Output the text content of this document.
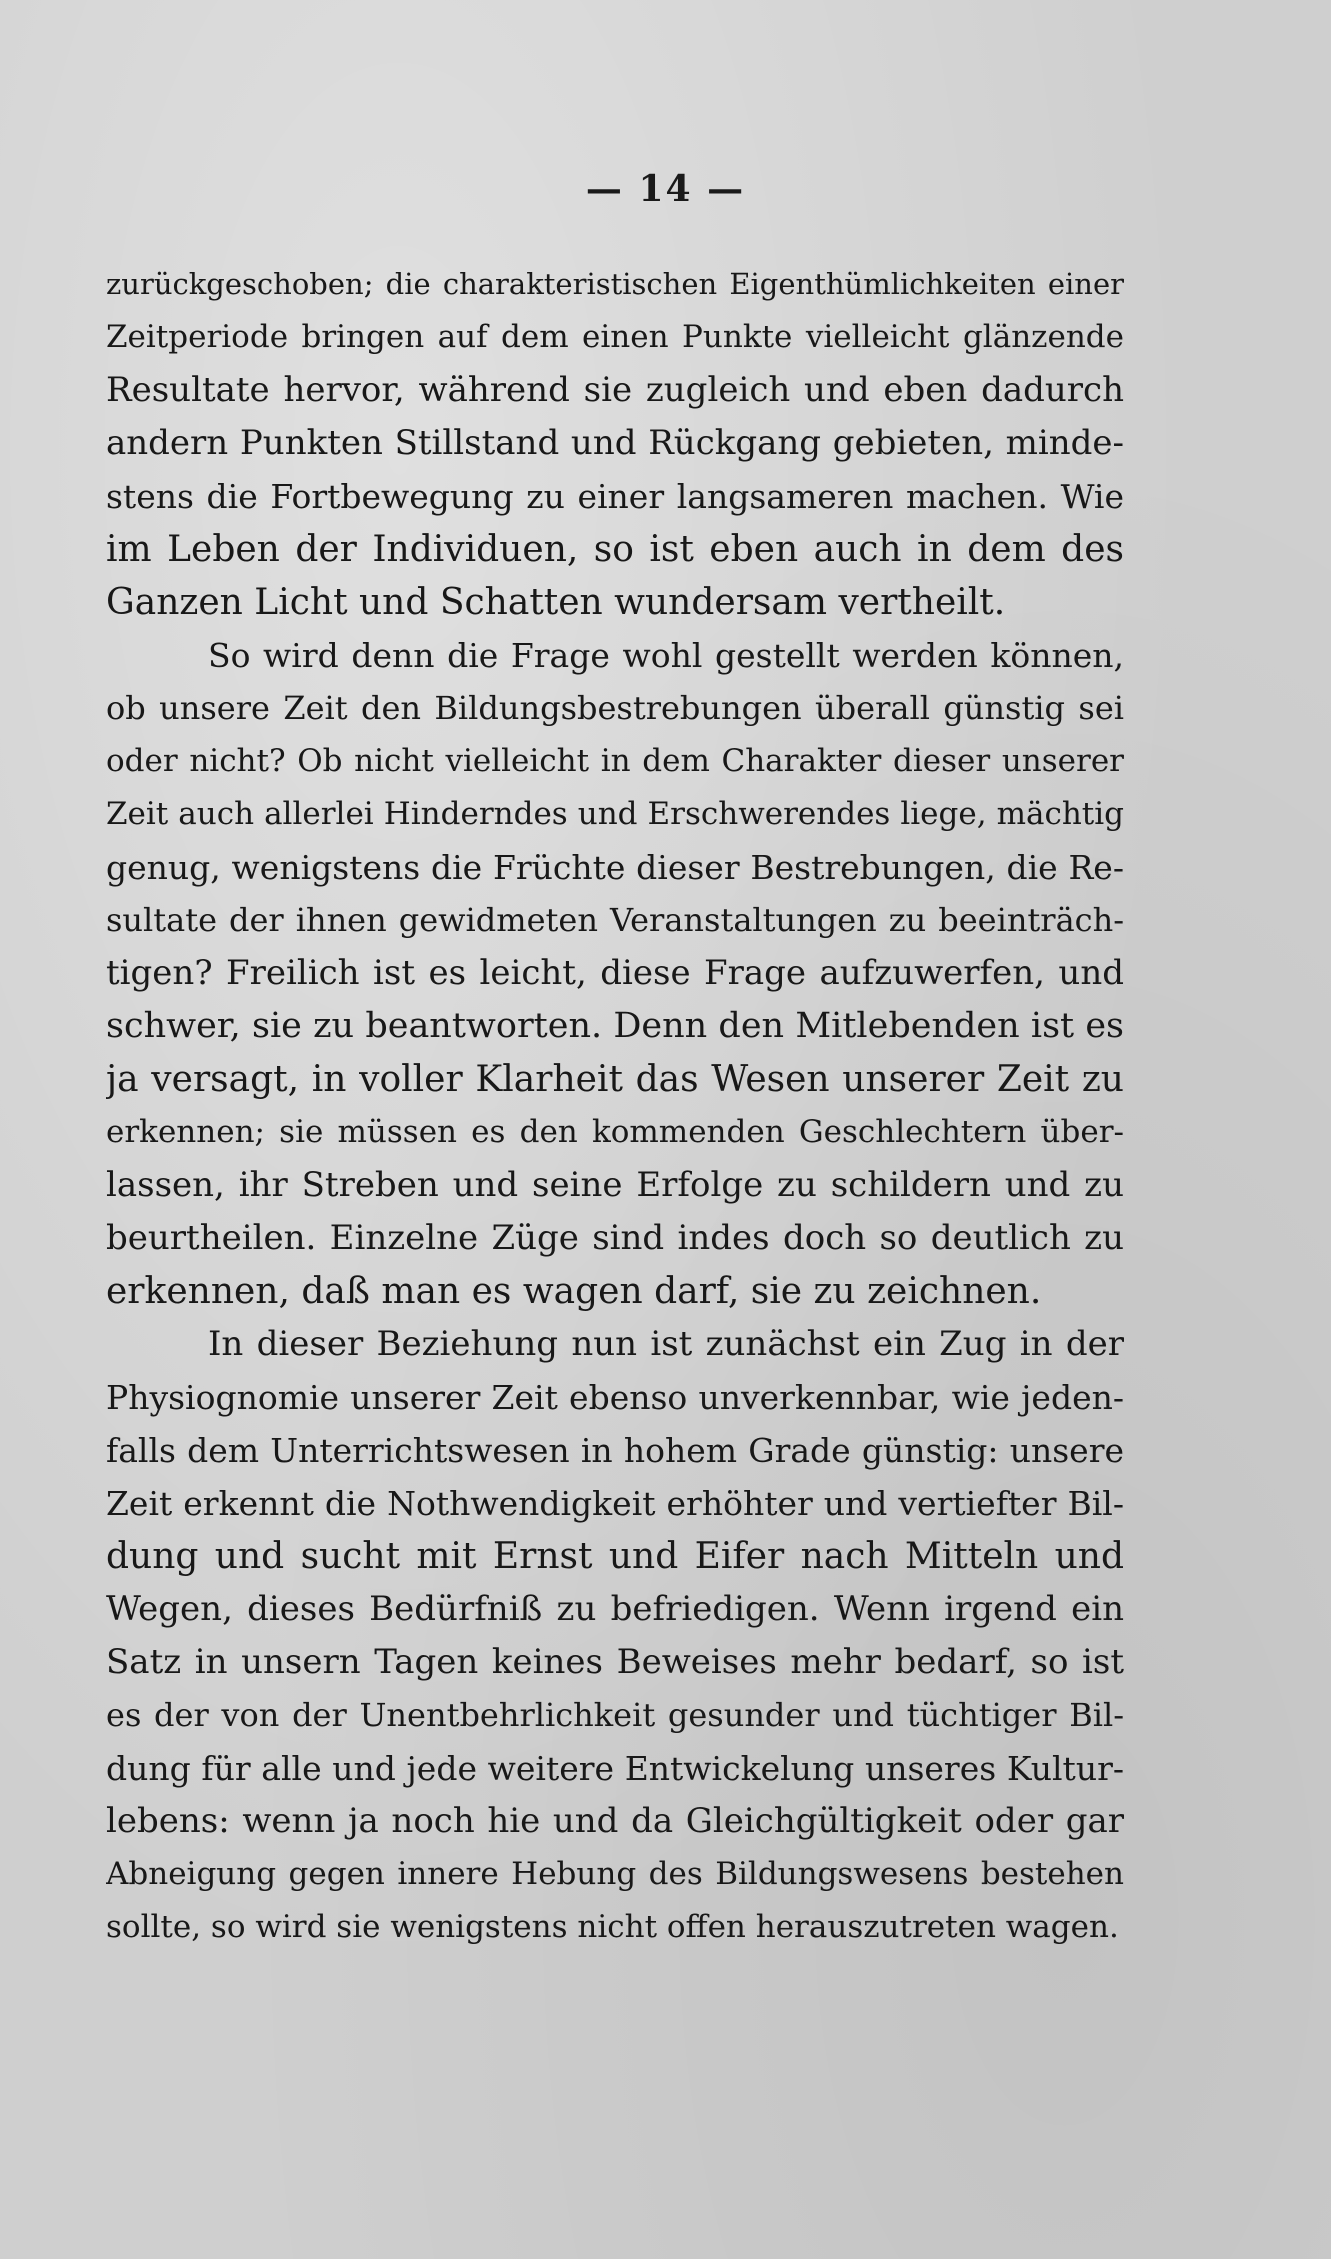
— 14 —
zurückgeschoben; die charakteristischen Eigenthümlichkeiten einer
Zeitperiode bringen auf dem einen Punkte vielleicht glänzende
Resultate hervor, während sie zugleich und eben dadurch
andern Punkten Stillstand und Rückgang gebieten, minde-
stens die Fortbewegung zu einer langsameren machen. Wie
im Leben der Individuen, so ist eben auch in dem des
Ganzen Licht und Schatten wundersam vertheilt.
So wird denn die Frage wohl gestellt werden können,
ob unsere Zeit den Bildungsbestrebungen überall günstig sei
oder nicht? Ob nicht vielleicht in dem Charakter dieser unserer
Zeit auch allerlei Hinderndes und Erschwerendes liege, mächtig
genug, wenigstens die Früchte dieser Bestrebungen, die Re-
sultate der ihnen gewidmeten Veranstaltungen zu beeinträch-
tigen? Freilich ist es leicht, diese Frage aufzuwerfen, und
schwer, sie zu beantworten. Denn den Mitlebenden ist es
ja versagt, in voller Klarheit das Wesen unserer Zeit zu
erkennen; sie müssen es den kommenden Geschlechtern über-
lassen, ihr Streben und seine Erfolge zu schildern und zu
beurtheilen. Einzelne Züge sind indes doch so deutlich zu
erkennen, daß man es wagen darf, sie zu zeichnen.
In dieser Beziehung nun ist zunächst ein Zug in der
Physiognomie unserer Zeit ebenso unverkennbar, wie jeden-
falls dem Unterrichtswesen in hohem Grade günstig: unsere
Zeit erkennt die Nothwendigkeit erhöhter und vertiefter Bil-
dung und sucht mit Ernst und Eifer nach Mitteln und
Wegen, dieses Bedürfniß zu befriedigen. Wenn irgend ein
Satz in unsern Tagen keines Beweises mehr bedarf, so ist
es der von der Unentbehrlichkeit gesunder und tüchtiger Bil-
dung für alle und jede weitere Entwickelung unseres Kultur-
lebens: wenn ja noch hie und da Gleichgültigkeit oder gar
Abneigung gegen innere Hebung des Bildungswesens bestehen
sollte, so wird sie wenigstens nicht offen herauszutreten wagen.
